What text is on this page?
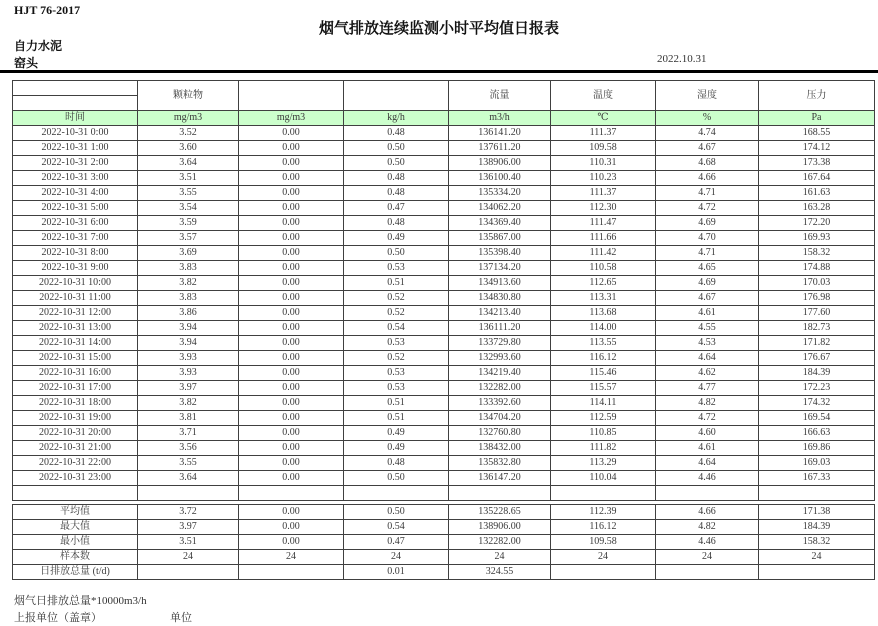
HJT 76-2017
烟气排放连续监测小时平均值日报表
自力水泥
窑头	2022.10.31
	颗粒物			流量	温度	湿度	压力

时间	mg/m3	mg/m3	kg/h	m3/h	℃	%	Pa
2022-10-31 0:00	3.52	0.00	0.48	136141.20	111.37	4.74	168.55
2022-10-31 1:00	3.60	0.00	0.50	137611.20	109.58	4.67	174.12
2022-10-31 2:00	3.64	0.00	0.50	138906.00	110.31	4.68	173.38
2022-10-31 3:00	3.51	0.00	0.48	136100.40	110.23	4.66	167.64
2022-10-31 4:00	3.55	0.00	0.48	135334.20	111.37	4.71	161.63
2022-10-31 5:00	3.54	0.00	0.47	134062.20	112.30	4.72	163.28
2022-10-31 6:00	3.59	0.00	0.48	134369.40	111.47	4.69	172.20
2022-10-31 7:00	3.57	0.00	0.49	135867.00	111.66	4.70	169.93
2022-10-31 8:00	3.69	0.00	0.50	135398.40	111.42	4.71	158.32
2022-10-31 9:00	3.83	0.00	0.53	137134.20	110.58	4.65	174.88
2022-10-31 10:00	3.82	0.00	0.51	134913.60	112.65	4.69	170.03
2022-10-31 11:00	3.83	0.00	0.52	134830.80	113.31	4.67	176.98
2022-10-31 12:00	3.86	0.00	0.52	134213.40	113.68	4.61	177.60
2022-10-31 13:00	3.94	0.00	0.54	136111.20	114.00	4.55	182.73
2022-10-31 14:00	3.94	0.00	0.53	133729.80	113.55	4.53	171.82
2022-10-31 15:00	3.93	0.00	0.52	132993.60	116.12	4.64	176.67
2022-10-31 16:00	3.93	0.00	0.53	134219.40	115.46	4.62	184.39
2022-10-31 17:00	3.97	0.00	0.53	132282.00	115.57	4.77	172.23
2022-10-31 18:00	3.82	0.00	0.51	133392.60	114.11	4.82	174.32
2022-10-31 19:00	3.81	0.00	0.51	134704.20	112.59	4.72	169.54
2022-10-31 20:00	3.71	0.00	0.49	132760.80	110.85	4.60	166.63
2022-10-31 21:00	3.56	0.00	0.49	138432.00	111.82	4.61	169.86
2022-10-31 22:00	3.55	0.00	0.48	135832.80	113.29	4.64	169.03
2022-10-31 23:00	3.64	0.00	0.50	136147.20	110.04	4.46	167.33

平均值	3.72	0.00	0.50	135228.65	112.39	4.66	171.38
最大值	3.97	0.00	0.54	138906.00	116.12	4.82	184.39
最小值	3.51	0.00	0.47	132282.00	109.58	4.46	158.32
样本数	24	24	24	24	24	24	24
日排放总量 (t/d)			0.01	324.55			
烟气日排放总量*10000m3/h
上报单位（盖章）	单位
